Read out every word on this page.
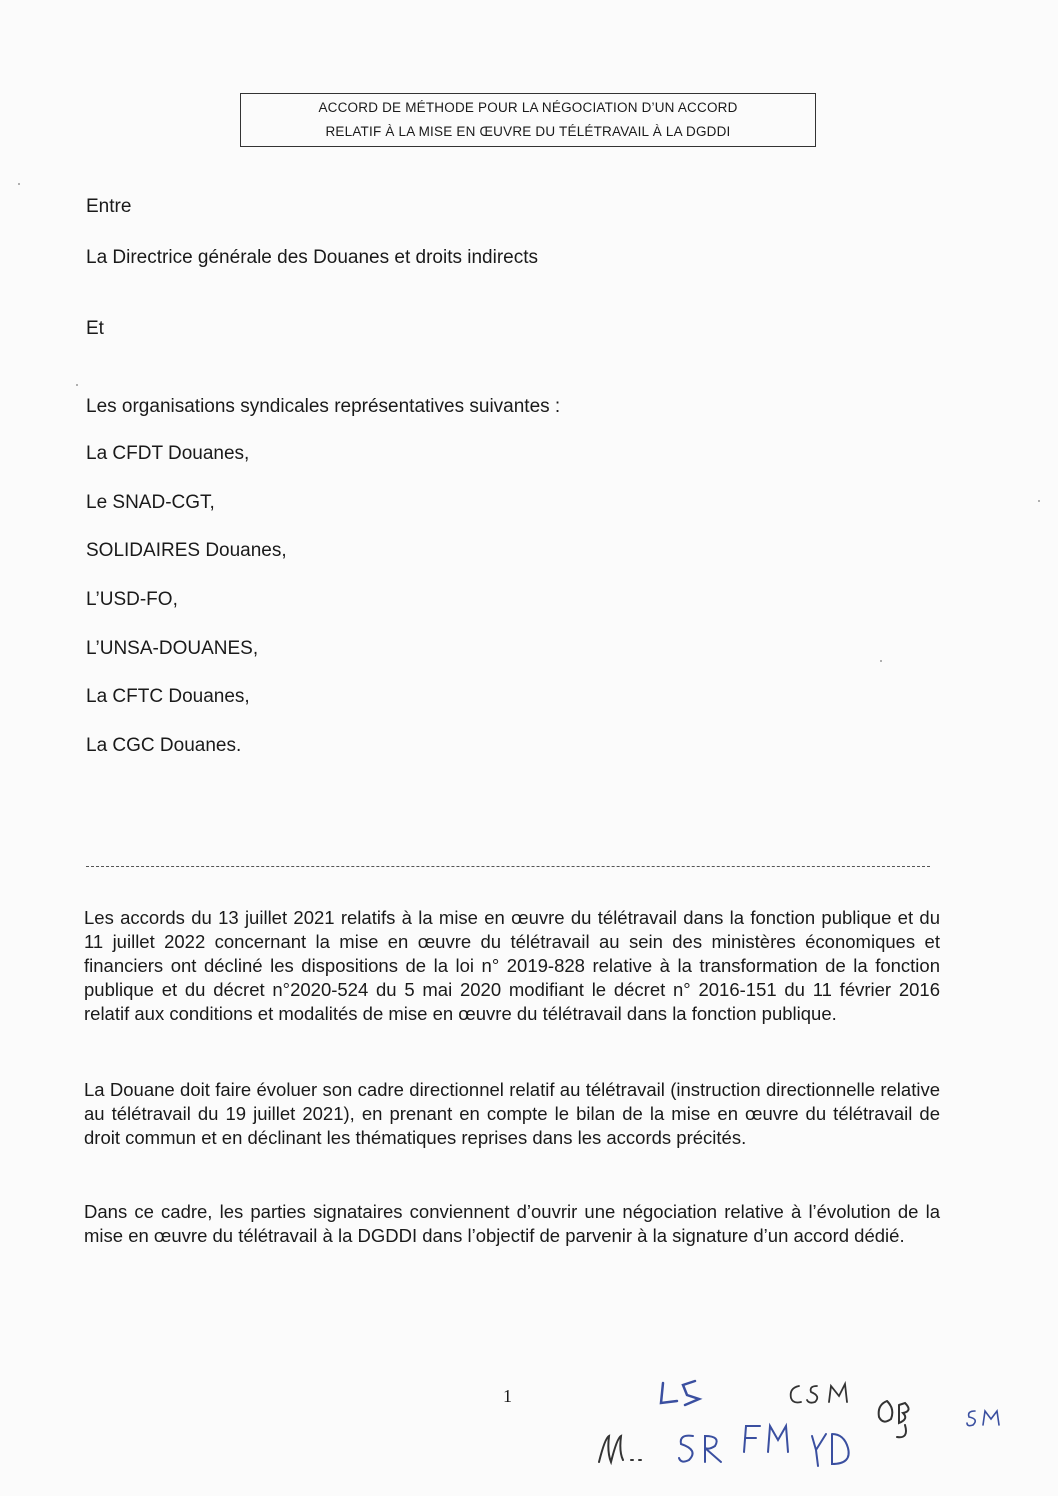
ACCORD DE MÉTHODE POUR LA NÉGOCIATION D’UN ACCORD
RELATIF À LA MISE EN ŒUVRE DU TÉLÉTRAVAIL À LA DGDDI
Entre
La Directrice générale des Douanes et droits indirects
Et
Les organisations syndicales représentatives suivantes :
La CFDT Douanes,
Le SNAD-CGT,
SOLIDAIRES Douanes,
L’USD-FO,
L’UNSA-DOUANES,
La CFTC Douanes,
La CGC Douanes.
Les accords du 13 juillet 2021 relatifs à la mise en œuvre du télétravail dans la fonction publique et du 11 juillet 2022 concernant la mise en œuvre du télétravail au sein des ministères économiques et financiers ont décliné les dispositions de la loi n° 2019-828 relative à la transformation de la fonction publique et du décret n°2020-524 du 5 mai 2020 modifiant le décret n° 2016-151 du 11 février 2016 relatif aux conditions et modalités de mise en œuvre du télétravail dans la fonction publique.
La Douane doit faire évoluer son cadre directionnel relatif au télétravail (instruction directionnelle relative au télétravail du 19 juillet 2021), en prenant en compte le bilan de la mise en œuvre du télétravail de droit commun et en déclinant les thématiques reprises dans les accords précités.
Dans ce cadre, les parties signataires conviennent d’ouvrir une négociation relative à l’évolution de la mise en œuvre du télétravail à la DGDDI dans l’objectif de parvenir à la signature d’un accord dédié.
1
